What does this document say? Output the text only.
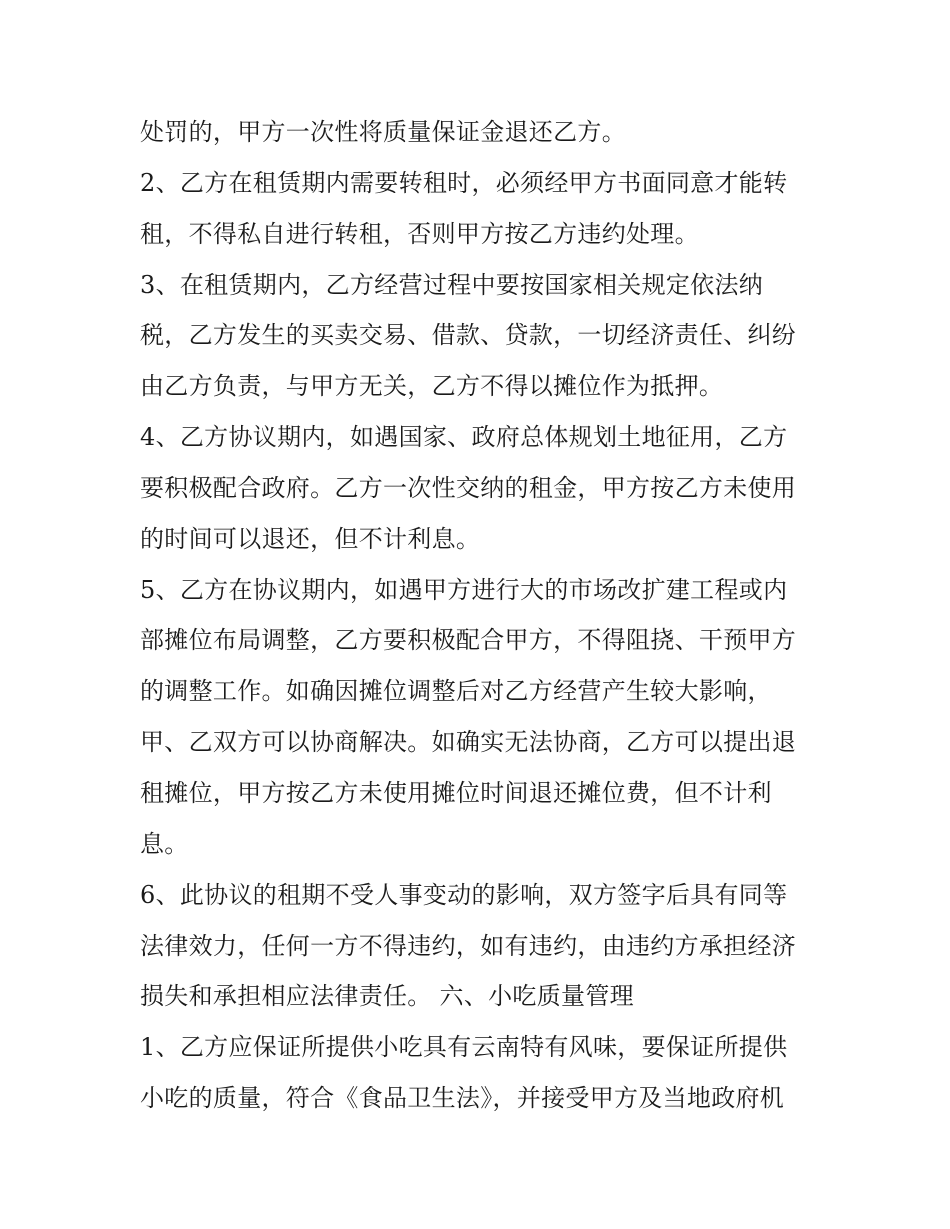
处罚的，甲方一次性将质量保证金退还乙方。
2、乙方在租赁期内需要转租时，必须经甲方书面同意才能转
租，不得私自进行转租，否则甲方按乙方违约处理。
3、在租赁期内，乙方经营过程中要按国家相关规定依法纳
税，乙方发生的买卖交易、借款、贷款，一切经济责任、纠纷
由乙方负责，与甲方无关，乙方不得以摊位作为抵押。
4、乙方协议期内，如遇国家、政府总体规划土地征用，乙方
要积极配合政府。乙方一次性交纳的租金，甲方按乙方未使用
的时间可以退还，但不计利息。
5、乙方在协议期内，如遇甲方进行大的市场改扩建工程或内
部摊位布局调整，乙方要积极配合甲方，不得阻挠、干预甲方
的调整工作。如确因摊位调整后对乙方经营产生较大影响，
甲、乙双方可以协商解决。如确实无法协商，乙方可以提出退
租摊位，甲方按乙方未使用摊位时间退还摊位费，但不计利
息。
6、此协议的租期不受人事变动的影响，双方签字后具有同等
法律效力，任何一方不得违约，如有违约，由违约方承担经济
损失和承担相应法律责任。 六、小吃质量管理
1、乙方应保证所提供小吃具有云南特有风味，要保证所提供
小吃的质量，符合《食品卫生法》，并接受甲方及当地政府机
